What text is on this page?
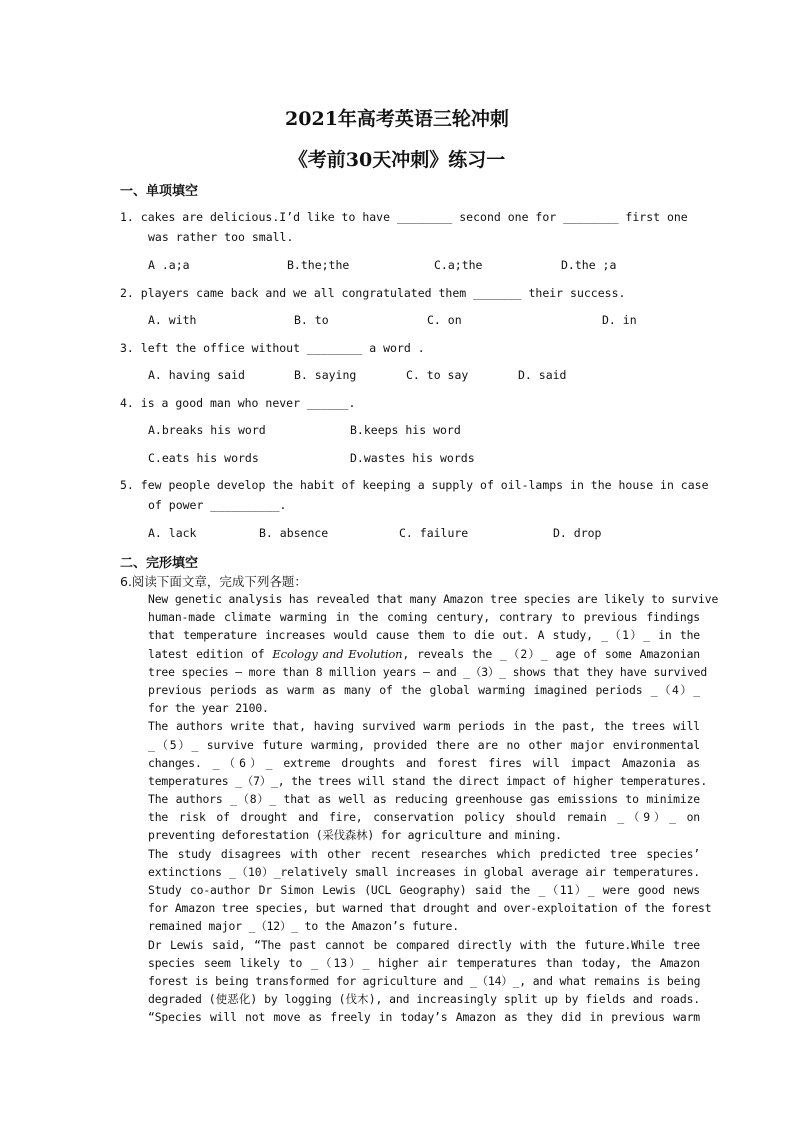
2021年高考英语三轮冲刺
《考前30天冲刺》练习一
一、单项填空
1. cakes are delicious.I’d like to have ________ second one for ________ first one
was rather too small.
A .a;a	B.the;the	C.a;the	D.the ;a
2. players came back and we all congratulated them _______ their success.
A. with	B. to	C. on	D. in
3. left the office without ________ a word .
A. having said	B. saying	C. to say	D. said
4. is a good man who never ______.
A.breaks his word	B.keeps his word
C.eats his words	D.wastes his words
5. few people develop the habit of keeping a supply of oil-lamps in the house in case
of power __________.
A. lack	B. absence	C. failure	D. drop
二、完形填空
6.阅读下面文章，完成下列各题：
New genetic analysis has revealed that many Amazon tree species are likely to survive
human-made climate warming in the coming century, contrary to previous findings
that temperature increases would cause them to die out. A study, _（1）_ in the
latest edition of Ecology and Evolution, reveals the _（2）_ age of some Amazonian
tree species — more than 8 million years — and _（3）_ shows that they have survived
previous periods as warm as many of the global warming imagined periods _（4）_
for the year 2100.
The authors write that, having survived warm periods in the past, the trees will
_（5）_ survive future warming, provided there are no other major environmental
changes. _（6）_ extreme droughts and forest fires will impact Amazonia as
temperatures _（7）_, the trees will stand the direct impact of higher temperatures.
The authors _（8）_ that as well as reducing greenhouse gas emissions to minimize
the risk of drought and fire, conservation policy should remain _（9）_ on
preventing deforestation (采伐森林) for agriculture and mining.
The study disagrees with other recent researches which predicted tree species’
extinctions _（10）_relatively small increases in global average air temperatures.
Study co-author Dr Simon Lewis (UCL Geography) said the _（11）_ were good news
for Amazon tree species, but warned that drought and over-exploitation of the forest
remained major _（12）_ to the Amazon’s future.
Dr Lewis said, “The past cannot be compared directly with the future.While tree
species seem likely to _（13）_ higher air temperatures than today, the Amazon
forest is being transformed for agriculture and _（14）_, and what remains is being
degraded (使恶化) by logging (伐木), and increasingly split up by fields and roads.
“Species will not move as freely in today’s Amazon as they did in previous warm
